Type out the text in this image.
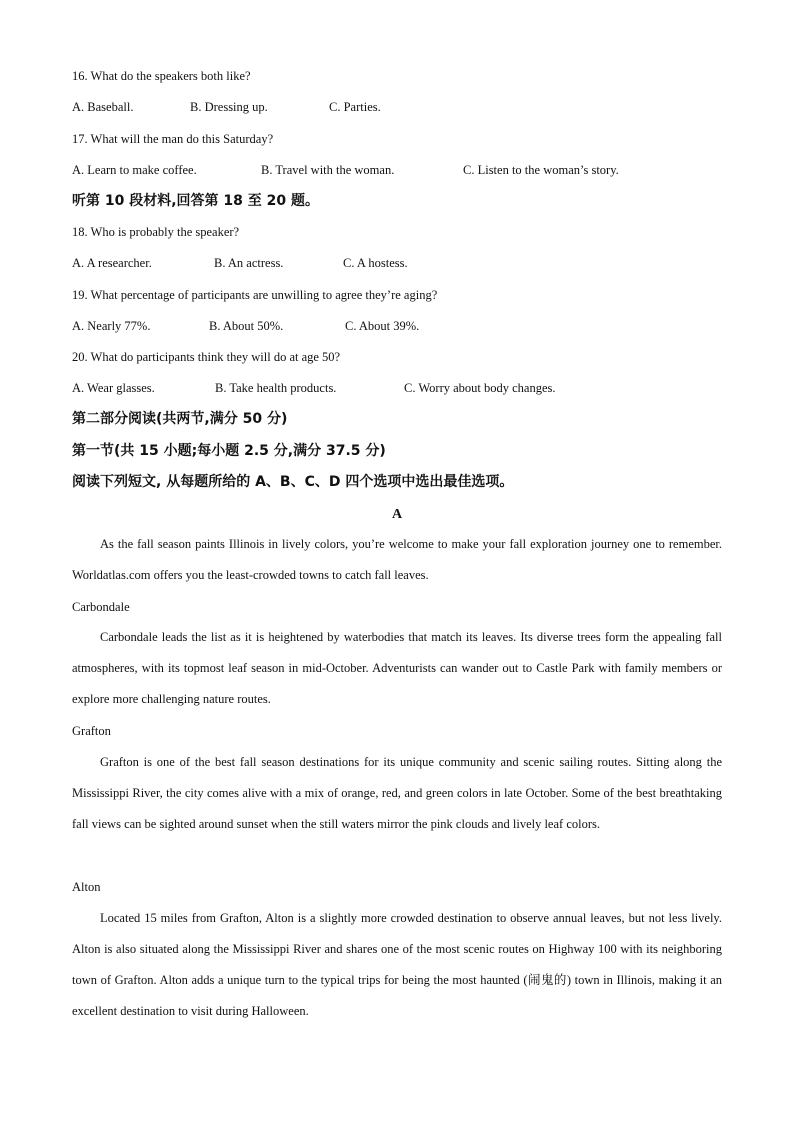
16. What do the speakers both like?
A. Baseball.	B. Dressing up.	C. Parties.
17. What will the man do this Saturday?
A. Learn to make coffee.	B. Travel with the woman.	C. Listen to the woman’s story.
听第 10 段材料,回答第 18 至 20 题。
18. Who is probably the speaker?
A. A researcher.	B. An actress.	C. A hostess.
19. What percentage of participants are unwilling to agree they’re aging?
A. Nearly 77%.	B. About 50%.	C. About 39%.
20. What do participants think they will do at age 50?
A. Wear glasses.	B. Take health products.	C. Worry about body changes.
第二部分阅读(共两节,满分 50 分)
第一节(共 15 小题;每小题 2.5 分,满分 37.5 分)
阅读下列短文, 从每题所给的 A、B、C、D 四个选项中选出最佳选项。
A
As the fall season paints Illinois in lively colors, you’re welcome to make your fall exploration journey one to remember. Worldatlas.com offers you the least-crowded towns to catch fall leaves.
Carbondale
Carbondale leads the list as it is heightened by waterbodies that match its leaves. Its diverse trees form the appealing fall atmospheres, with its topmost leaf season in mid-October. Adventurists can wander out to Castle Park with family members or explore more challenging nature routes.
Grafton
Grafton is one of the best fall season destinations for its unique community and scenic sailing routes. Sitting along the Mississippi River, the city comes alive with a mix of orange, red, and green colors in late October. Some of the best breathtaking fall views can be sighted around sunset when the still waters mirror the pink clouds and lively leaf colors.
Alton
Located 15 miles from Grafton, Alton is a slightly more crowded destination to observe annual leaves, but not less lively. Alton is also situated along the Mississippi River and shares one of the most scenic routes on Highway 100 with its neighboring town of Grafton. Alton adds a unique turn to the typical trips for being the most haunted (闹鬼的) town in Illinois, making it an excellent destination to visit during Halloween.
